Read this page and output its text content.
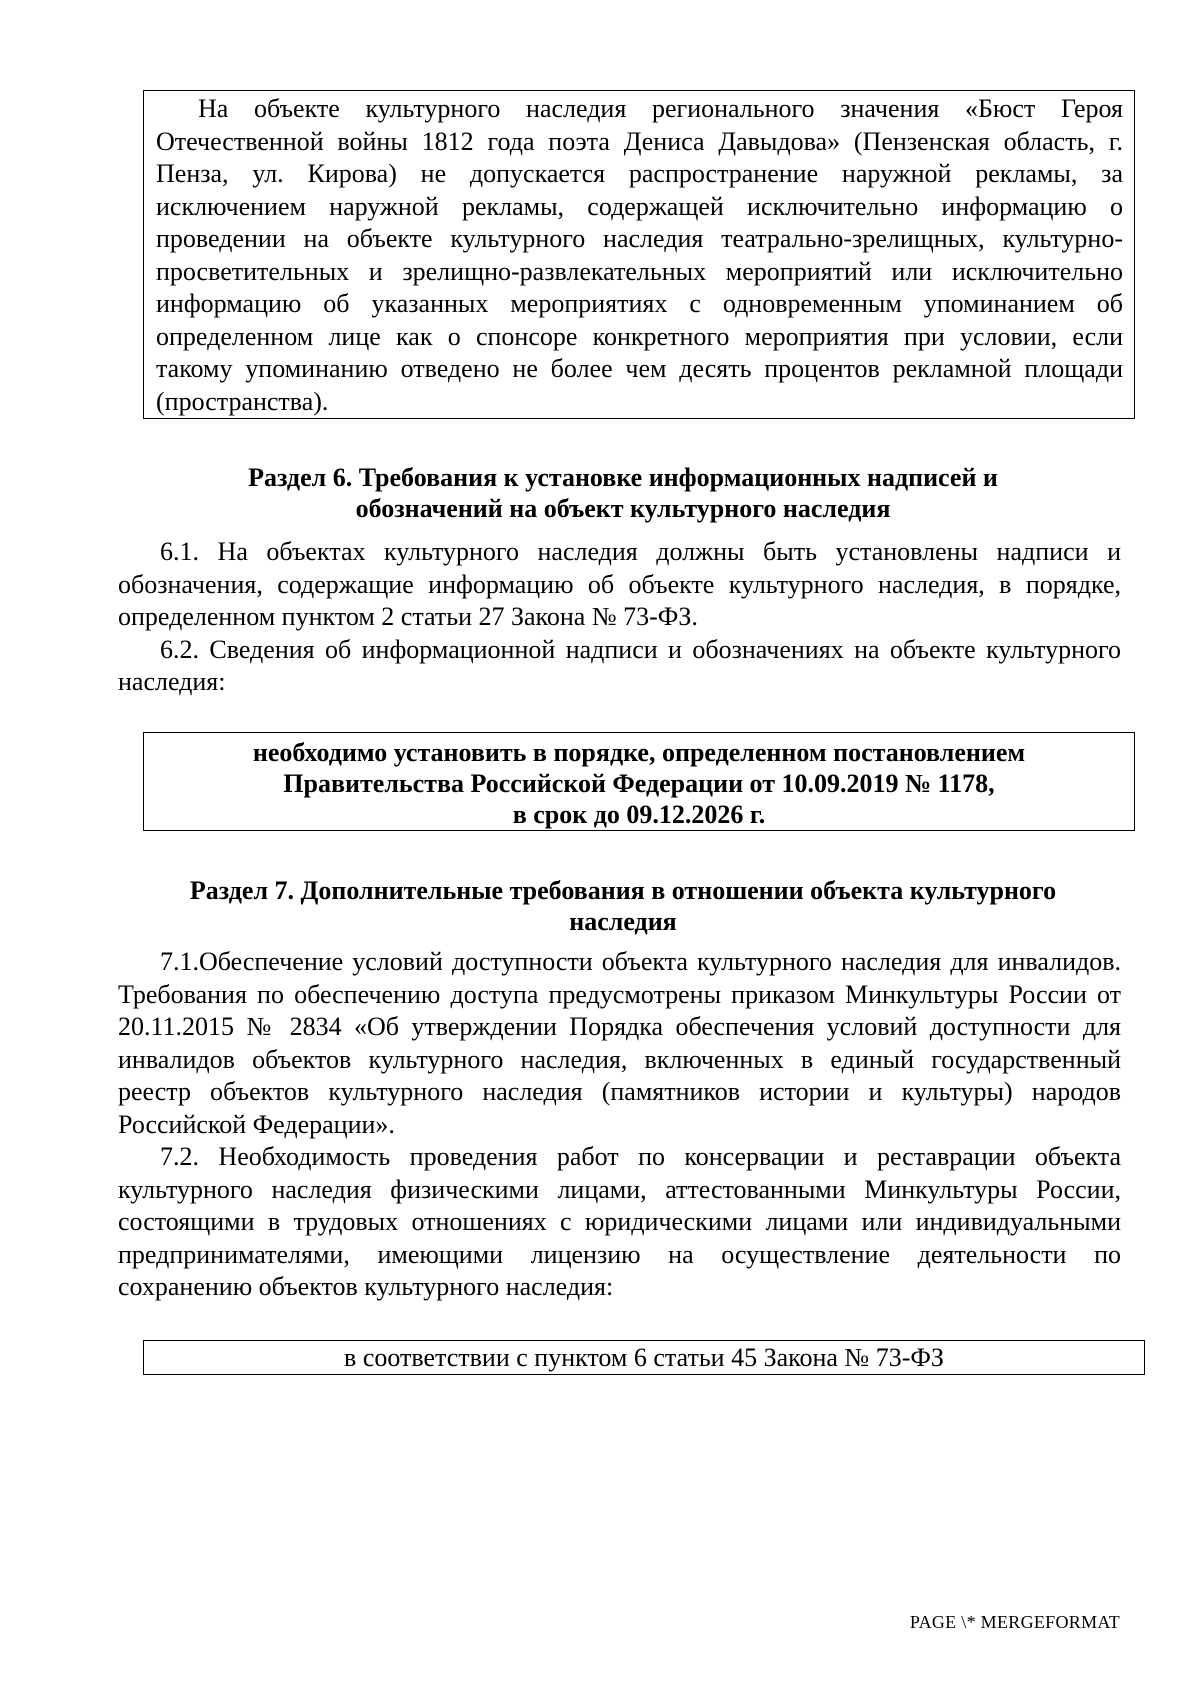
На объекте культурного наследия регионального значения «Бюст Героя Отечественной войны 1812 года поэта Дениса Давыдова» (Пензенская область, г. Пенза, ул. Кирова) не допускается распространение наружной рекламы, за исключением наружной рекламы, содержащей исключительно информацию о проведении на объекте культурного наследия театрально-зрелищных, культурно-просветительных и зрелищно-развлекательных мероприятий или исключительно информацию об указанных мероприятиях с одновременным упоминанием об определенном лице как о спонсоре конкретного мероприятия при условии, если такому упоминанию отведено не более чем десять процентов рекламной площади (пространства).

Раздел 6. Требования к установке информационных надписей и
обозначений на объект культурного наследия

6.1. На объектах культурного наследия должны быть установлены надписи и обозначения, содержащие информацию об объекте культурного наследия, в порядке, определенном пунктом 2 статьи 27 Закона № 73-ФЗ.

6.2. Сведения об информационной надписи и обозначениях на объекте культурного наследия:

необходимо установить в порядке, определенном постановлением
Правительства Российской Федерации от 10.09.2019 № 1178,
в срок до 09.12.2026 г.
Раздел 7. Дополнительные требования в отношении объекта культурного
наследия

7.1.Обеспечение условий доступности объекта культурного наследия для инвалидов. Требования по обеспечению доступа предусмотрены приказом Минкультуры России от 20.11.2015 № 2834 «Об утверждении Порядка обеспечения условий доступности для инвалидов объектов культурного наследия, включенных в единый государственный реестр объектов культурного наследия (памятников истории и культуры) народов Российской Федерации».

7.2. Необходимость проведения работ по консервации и реставрации объекта культурного наследия физическими лицами, аттестованными Минкультуры России, состоящими в трудовых отношениях с юридическими лицами или индивидуальными предпринимателями, имеющими лицензию на осуществление деятельности по сохранению объектов культурного наследия:

в соответствии с пунктом 6 статьи 45 Закона № 73-ФЗ
PAGE \* MERGEFORMAT
